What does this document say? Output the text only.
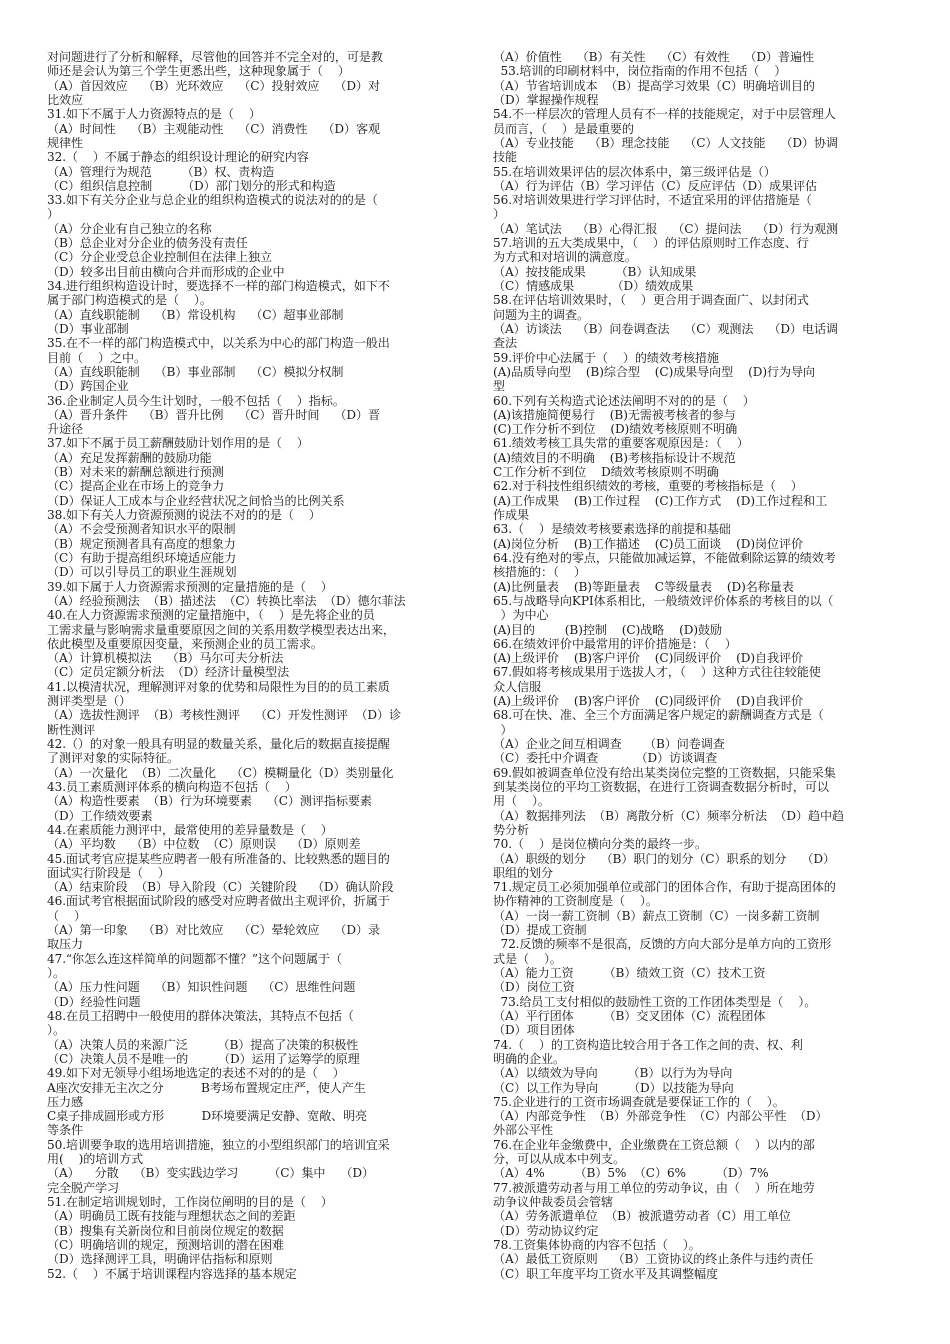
对问题进行了分析和解释，尽管他的回答并不完全对的，可是教
师还是会认为第三个学生更悉出些，这种现象属于（    ）
（A）首因效应    （B）光环效应    （C）投射效应    （D）对
比效应
31.如下不属于人力资源特点的是（    ）
（A）时间性    （B）主观能动性    （C）消费性    （D）客观
规律性
32.（    ）不属于静态的组织设计理论的研究内容
（A）管理行为规范        （B）权、责构造
（C）组织信息控制        （D）部门划分的形式和构造
33.如下有关分企业与总企业的组织构造模式的说法对的的是（
）
（A）分企业有自己独立的名称
（B）总企业对分企业的债务没有责任
（C）分企业受总企业控制但在法律上独立
（D）较多出目前由横向合并而形成的企业中
34.进行组织构造设计时，要选择不一样的部门构造模式，如下不
属于部门构造模式的是（    ）。
（A）直线职能制    （B）常设机构    （C）超事业部制
（D）事业部制
35.在不一样的部门构造模式中，以关系为中心的部门构造一般出
目前（    ）之中。
（A）直线职能制    （B）事业部制    （C）模拟分权制
（D）跨国企业
36.企业制定人员今生计划时，一般不包括（    ）指标。
（A）晋升条件    （B）晋升比例    （C）晋升时间    （D）晋
升途径
37.如下不属于员工薪酬鼓励计划作用的是（    ）
（A）充足发挥薪酬的鼓励功能
（B）对未来的薪酬总额进行预测
（C）提高企业在市场上的竞争力
（D）保证人工成本与企业经营状况之间恰当的比例关系
38.如下有关人力资源预测的说法不对的的是（    ）
（A）不会受预测者知识水平的限制
（B）规定预测者具有高度的想象力
（C）有助于提高组织环境适应能力
（D）可以引导员工的职业生涯规划
39.如下属于人力资源需求预测的定量措施的是（    ）
（A）经验预测法  （B）描述法  （C）转换比率法  （D）德尔菲法
40.在人力资源需求预测的定量措施中，（    ）是先将企业的员
工需求量与影响需求量重要原因之间的关系用数学模型表达出来，
依此模型及重要原因变量，来预测企业的员工需求。
（A）计算机模拟法    （B）马尔可夫分析法
（C）定员定额分析法  （D）经济计量模型法
41.以模清状况，理解测评对象的优势和局限性为目的的员工素质
测评类型是（）
（A）选拔性测评  （B）考核性测评    （C）开发性测评  （D）诊
断性测评
42.（）的对象一般具有明显的数量关系，量化后的数据直接提醒
了测评对象的实际特征。
（A）一次量化  （B）二次量化    （C）模糊量化（D）类别量化
43.员工素质测评体系的横向构造不包括（    ）
（A）构造性要素  （B）行为环境要素    （C）测评指标要素
（D）工作绩效要素
44.在素质能力测评中，最常使用的差异量数是（    ）
（A）平均数    （B）中位数  （C）原则误    （D）原则差
45.面试考官应提某些应聘者一般有所准备的、比较熟悉的题目的
面试实行阶段是（    ）
（A）结束阶段  （B）导入阶段（C）关键阶段    （D）确认阶段
46.面试考官根据面试阶段的感受对应聘者做出主观评价，折属于
（    ）
（A）第一印象    （B）对比效应    （C）晕轮效应    （D）录
取压力
47.“你怎么连这样简单的问题都不懂？”这个问题属于（
）。
（A）压力性问题    （B）知识性问题    （C）思维性问题
（D）经验性问题
48.在员工招聘中一般使用的群体决策法，其特点不包括（
）。
（A）决策人员的来源广泛        （B）提高了决策的积极性
（C）决策人员不是唯一的        （D）运用了运筹学的原理
49.如下对无领导小组场地选定的表述不对的的是（    ）
A座次安排无主次之分          B考场布置规定庄严，使人产生
压力感
C桌子排成圆形或方形          D环境要满足安静、宽敞、明亮
等条件
50.培训要争取的选用培训措施，独立的小型组织部门的培训宜采
用(    )的培训方式
（A）    分散    （B）变实践边学习        （C）集中    （D）
完全脱产学习
51.在制定培训规划时，工作岗位阐明的目的是（    ）
（A）明确员工既有技能与理想状态之间的差距
（B）搜集有关新岗位和目前岗位规定的数据
（C）明确培训的规定，预测培训的潜在困难
（D）选择测评工具，明确评估指标和原则
52.（    ）不属于培训课程内容选择的基本规定
（A）价值性    （B）有关性    （C）有效性    （D）普遍性
53.培训的印刷材料中，岗位指南的作用不包括（    ）
（A）节省培训成本  （B）提高学习效果（C）明确培训目的
（D）掌握操作规程
54.不一样层次的管理人员有不一样的技能规定，对于中层管理人
员而言，（    ）是最重要的
（A）专业技能    （B）理念技能    （C）人文技能    （D）协调
技能
55.在培训效果评估的层次体系中，第三级评估是（）
（A）行为评估（B）学习评估（C）反应评估（D）成果评估
56.对培训效果进行学习评估时，不适宜采用的评估措施是（
）
（A）笔试法    （B）心得汇报    （C）提问法    （D）行为观测
57.培训的五大类成果中，（    ）的评估原则时工作态度、行
为方式和对培训的满意度。
（A）按技能成果        （B）认知成果
（C）情感成果          （D）绩效成果
58.在评估培训效果时，（    ）更合用于调查面广、以封闭式
问题为主的调查。
（A）访谈法    （B）问卷调查法    （C）观测法    （D）电话调
查法
59.评价中心法属于（    ）的绩效考核措施
(A)品质导向型    (B)综合型    (C)成果导向型    (D)行为导向
型
60.下列有关构造式论述法阐明不对的的是（    ）
(A)该措施简便易行    (B)无需被考核者的参与
(C)工作分析不到位    (D)绩效考核原则不明确
61.绩效考核工具失常的重要客观原因是：（    ）
(A)绩效目的不明确    (B)考核指标设计不规范
C工作分析不到位    D绩效考核原则不明确
62.对于科技性组织绩效的考核，重要的考核指标是（    ）
(A)工作成果    (B)工作过程    (C)工作方式    (D)工作过程和工
作成果
63.（    ）是绩效考核要素选择的前提和基础
(A)岗位分析    (B)工作描述    (C)员工面谈    (D)岗位评价
64.没有绝对的零点，只能做加减运算，不能做剩除运算的绩效考
核措施的：（    ）
(A)比例量表    (B)等距量表    C等级量表    (D)名称量表
65.与战略导向KPI体系相比，一般绩效评价体系的考核目的以（
）为中心
(A)目的        (B)控制    (C)战略    (D)鼓励
66.在绩效评价中最常用的评价措施是：（    ）
(A)上级评价    (B)客户评价    (C)同级评价    (D)自我评价
67.假如将考核成果用于选拔人才，（    ）这种方式往往较能使
众人信服
(A)上级评价    (B)客户评价    (C)同级评价    (D)自我评价
68.可在快、准、全三个方面满足客户规定的薪酬调查方式是（
）
（A）企业之间互相调查      （B）问卷调查
（C）委托中介调查          （D）访谈调查
69.假如被调查单位没有给出某类岗位完整的工资数据，只能采集
到某类岗位的平均工资数据，在进行工资调查数据分析时，可以
用（    ）。
（A）数据排列法  （B）离散分析（C）频率分析法  （D）趋中趋
势分析
70.（    ）是岗位横向分类的最终一步。
（A）职级的划分    （B）职门的划分（C）职系的划分    （D）
职组的划分
71.规定员工必须加强单位或部门的团体合作，有助于提高团体的
协作精神的工资制度是（    ）。
（A）一岗一薪工资制（B）薪点工资制（C）一岗多薪工资制
（D）提成工资制
72.反馈的频率不是很高，反馈的方向大部分是单方向的工资形
式是（    ）。
（A）能力工资        （B）绩效工资（C）技术工资
（D）岗位工资
73.给员工支付相似的鼓励性工资的工作团体类型是（    ）。
（A）平行团体        （B）交叉团体（C）流程团体
（D）项目团体
74.（    ）的工资构造比较合用于各工作之间的责、权、利
明确的企业。
（A）以绩效为导向        （B）以行为为导向
（C）以工作为导向        （D）以技能为导向
75.企业进行的工资市场调查就是要保证工作的（    ）。
（A）内部竞争性  （B）外部竞争性  （C）内部公平性  （D）
外部公平性
76.在企业年金缴费中，企业缴费在工资总额（    ）以内的部
分，可以从成本中列支。
（A）4%        （B）5%  （C）6%        （D）7%
77.被派遣劳动者与用工单位的劳动争议，由（    ）所在地劳
动争议仲裁委员会管辖
（A）劳务派遣单位  （B）被派遣劳动者（C）用工单位
（D）劳动协议约定
78.工资集体协商的内容不包括（    ）。
（A）最低工资原则    （B）工资协议的终止条件与违约责任
（C）职工年度平均工资水平及其调整幅度
